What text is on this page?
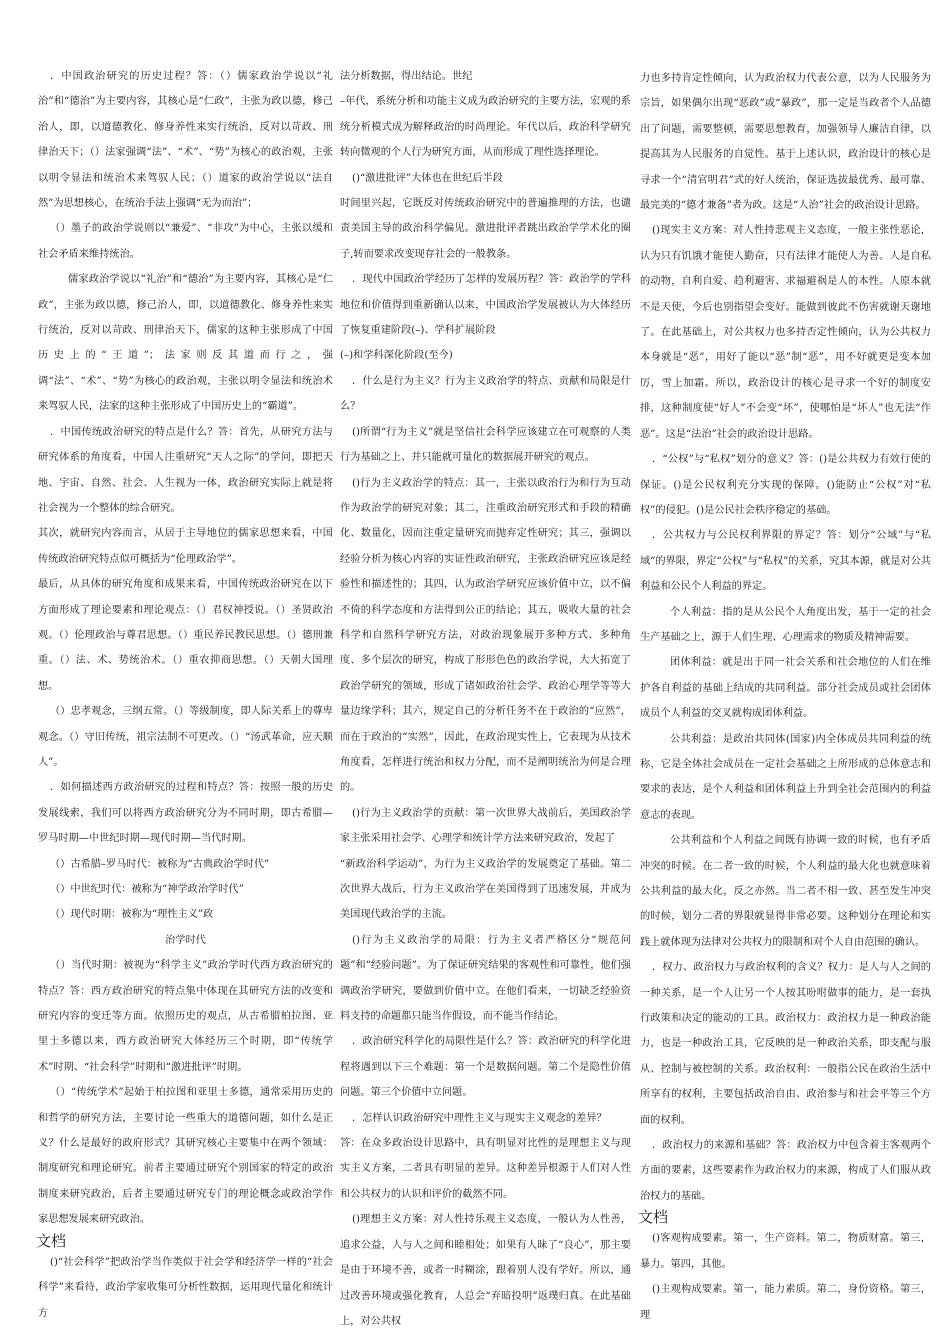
．中国政治研究的历史过程？答：（）儒家政治学说以“礼治”和“德治”为主要内容，其核心是“仁政”，主张为政以德，修己治人，即，以道德教化、修身养性来实行统治，反对以苛政、刑律治天下；（）法家强调“法”、“术”、“势”为核心的政治观，主张以明令显法和统治术来驾驭人民；（）道家的政治学说以“法自然”为思想核心，在统治手法上强调“无为而治”；

（）墨子的政治学说则以“兼爱”、“非攻”为中心，主张以缓和社会矛盾来维持统治。

儒家政治学说以“礼治”和“德治”为主要内容，其核心是“仁政”，主张为政以德，修己治人，即，以道德教化、修身养性来实行统治，反对以苛政、刑律治天下，儒家的这种主张形成了中国历史上的“王道”；法家则反其道而行之，强调“法”、“术”、“势”为核心的政治观，主张以明令显法和统治术来驾驭人民，法家的这种主张形成了中国历史上的“霸道”。

．中国传统政治研究的特点是什么？答：首先，从研究方法与研究体系的角度看，中国人注重研究“天人之际”的学问，即把天地、宇宙、自然、社会、人生视为一体，政治研究实际上就是将社会视为一个整体的综合研究。

其次，就研究内容而言，从居于主导地位的儒家思想来看，中国传统政治研究特点似可概括为“伦理政治学”。

最后，从具体的研究角度和成果来看，中国传统政治研究在以下方面形成了理论要素和理论观点：（）君权神授说。（）圣贤政治观。（）伦理政治与尊君思想。（）重民养民教民思想。（）德刑兼重。（）法、术、势统治术。（）重农抑商思想。（）天朝大国理想。

（）忠孝观念，三纲五常。（）等级制度，即人际关系上的尊卑观念。（）守旧传统，祖宗法制不可更改。（）“汤武革命，应天顺人”。

．如何描述西方政治研究的过程和特点？答：按照一般的历史发展线索，我们可以将西方政治研究分为不同时期，即古希腊—罗马时期—中世纪时期—现代时期—当代时期。

（）古希腊–罗马时代：被称为“古典政治学时代”

（）中世纪时代：被称为“神学政治学时代”

（）现代时期：被称为“理性主义”政

治学时代

（）当代时期：被视为“科学主义”政治学时代西方政治研究的特点？答：西方政治研究的特点集中体现在其研究方法的改变和研究内容的变迁等方面。依照历史的观点，从古希腊柏拉图、亚里士多德以来，西方政治研究大体经历三个时期，即“传统学术”时期、“社会科学”时期和“激进批评”时期。

（）“传统学术”起始于柏拉图和亚里士多德，通常采用历史的和哲学的研究方法，主要讨论一些重大的道德问题，如什么是正义？什么是最好的政府形式？其研究核心主要集中在两个领域：制度研究和理论研究。前者主要通过研究个别国家的特定的政治制度来研究政治，后者主要通过研究专门的理论概念或政治学作家思想发展来研究政治。

文档

()“社会科学”把政治学当作类似于社会学和经济学一样的“社会科学”来看待，政治学家收集可分析性数据，运用现代量化和统计方

法分析数据，得出结论。世纪

–年代，系统分析和功能主义成为政治研究的主要方法，宏观的系统分析模式成为解释政治的时尚理论。年代以后，政治科学研究转向微观的个人行为研究方面，从而形成了理性选择理论。

()“激进批评”大体也在世纪后半段

时间里兴起，它既反对传统政治研究中的普遍推理的方法，也谴责美国主导的政治科学偏见。激进批评者跳出政治学学术化的圈子,转而要求改变现存社会的一般教条。

．现代中国政治学经历了怎样的发展历程？答：政治学的学科地位和价值得到重新确认以来，中国政治学发展被认为大体经历了恢复重建阶段(–)、学科扩展阶段

(–)和学科深化阶段(至今)

．什么是行为主义？行为主义政治学的特点、贡献和局限是什么？

()所谓“行为主义”就是坚信社会科学应该建立在可观察的人类行为基础之上、并只能就可量化的数据展开研究的观点。

()行为主义政治学的特点：其一，主张以政治行为和行为互动作为政治学的研究对象；其二，注重政治研究形式和手段的精确化、数量化，因而注重定量研究而抛弃定性研究；其三，强调以经验分析为核心内容的实证性政治研究，主张政治研究应该是经验性和描述性的；其四，认为政治学研究应该价值中立，以不偏不倚的科学态度和方法得到公正的结论；其五，吸收大量的社会科学和自然科学研究方法，对政治现象展开多种方式、多种角度、多个层次的研究，构成了形形色色的政治学说，大大拓宽了政治学研究的领域，形成了诸如政治社会学、政治心理学等等大量边缘学科；其六，规定自己的分析任务不在于政治的“应然”，而在于政治的“实然”，因此，在政治现实性上，它表现为从技术角度看，怎样进行统治和权力分配，而不是阐明统治为何是合理的。

()行为主义政治学的贡献：第一次世界大战前后，美国政治学家主张采用社会学、心理学和统计学方法来研究政治，发起了

“新政治科学运动”，为行为主义政治学的发展奠定了基础。第二次世界大战后，行为主义政治学在美国得到了迅速发展，并成为美国现代政治学的主流。

()行为主义政治学的局限：行为主义者严格区分“规范问题”和“经验问题”。为了保证研究结果的客观性和可靠性，他们强调政治学研究，要做到价值中立。在他们看来，一切缺乏经验资料支持的命题都只能当作假设，而不能当作结论。

．政治研究科学化的局限性是什么？答：政治研究的科学化进程将遇到以下三个难题：第一个是数据问题。第二个是隐性价值问题。第三个价值中立问题。

．怎样认识政治研究中理性主义与现实主义观念的差异？

答：在众多政治设计思路中，具有明显对比性的是理想主义与现实主义方案，二者具有明显的差异。这种差异根源于人们对人性和公共权力的认识和评价的截然不同。

()理想主义方案：对人性持乐观主义态度，一般认为人性善，追求公益，人与人之间和睦相处；如果有人昧了“良心”，那主要是由于环境不善，或者一时糊涂，跟着别人没有学好。所以，通过改善环境或强化教育，人总会“弃暗投明”返璞归真。在此基础上，对公共权

力也多持肯定性倾向，认为政治权力代表公意，以为人民服务为宗旨，如果偶尔出现“恶政”或“暴政”，那一定是当政者个人品德出了问题，需要整顿，需要思想教育，加强领导人廉洁自律，以提高其为人民服务的自觉性。基于上述认识，政治设计的核心是寻求一个“清官明君”式的好人统治，保证选拔最优秀、最可靠、最完美的“德才兼备”者为政。这是“人治”社会的政治设计思路。

()现实主义方案：对人性持悲观主义态度，一般主张性恶论，认为只有饥饿才能使人勤奋，只有法律才能使人为善。人是自私的动物，自利自爱、趋利避害、求福避祸是人的本性。人原本就不是天使，今后也别指望会变好。能做到彼此不伤害就谢天谢地了。在此基础上，对公共权力也多持否定性倾向，认为公共权力本身就是“恶”，用好了能以“恶”制“恶”，用不好就更是变本加厉，雪上加霜。所以，政治设计的核心是寻求一个好的制度安排，这种制度使“好人”不会变“坏”，使哪怕是“坏人”也无法“作恶”。这是“法治”社会的政治设计思路。

．“公权”与“私权”划分的意义？答：()是公共权力有效行使的保证。()是公民权利充分实现的保障。()能防止“公权”对“私权”的侵犯。()是公民社会秩序稳定的基础。

．公共权力与公民权利界限的界定？答：划分“公域”与“私域”的界限，界定“公权”与“私权”的关系，究其本源，就是对公共利益和公民个人利益的界定。

个人利益：指的是从公民个人角度出发，基于一定的社会生产基础之上，源于人们生理、心理需求的物质及精神需要。

团体利益：就是出于同一社会关系和社会地位的人们在维护各自利益的基础上结成的共同利益。部分社会成员或社会团体成员个人利益的交叉就构成团体利益。

公共利益：是政治共同体(国家)内全体成员共同利益的统称，它是全体社会成员在一定社会基础之上所形成的总体意志和要求的表达，是个人利益和团体利益上升到全社会范围内的利益意志的表现。

公共利益和个人利益之间既有协调一致的时候，也有矛盾冲突的时候。在二者一致的时候，个人利益的最大化也就意味着公共利益的最大化，反之亦然。当二者不相一致、甚至发生冲突的时候，划分二者的界限就显得非常必要。这种划分在理论和实践上就体现为法律对公共权力的限制和对个人自由范围的确认。

．权力、政治权力与政治权利的含义？权力：是人与人之间的一种关系，是一个人让另一个人按其吩咐做事的能力，是一套执行政策和决定的能动的工具。政治权力：政治权力是一种政治能力，也是一种政治工具，它反映的是一种政治关系，即支配与服从、控制与被控制的关系。政治权利：一般指公民在政治生活中所享有的权利，主要包括政治自由、政治参与和社会平等三个方面的权利。

．政治权力的来源和基础？答：政治权力中包含着主客观两个方面的要素，这些要素作为政治权力的来源，构成了人们服从政治权力的基础。

文档

()客观构成要素。第一，生产资料。第二，物质财富。第三，暴力。第四，其他。

()主观构成要素。第一，能力素质。第二，身份资格。第三，理
